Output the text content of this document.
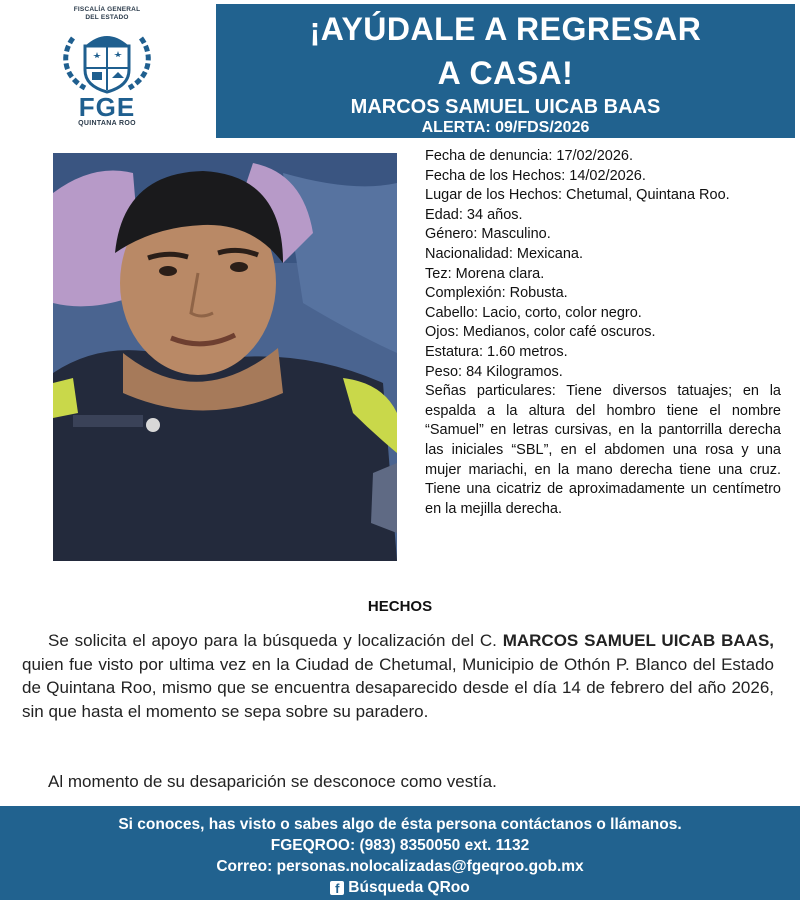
FISCALÍA GENERAL
DEL ESTADO
FGE
QUINTANA ROO
¡AYÚDALE A REGRESAR
A CASA!
MARCOS SAMUEL UICAB BAAS
ALERTA: 09/FDS/2026
Fecha de denuncia: 17/02/2026.
Fecha de los Hechos: 14/02/2026.
Lugar de los Hechos: Chetumal, Quintana Roo.
Edad: 34 años.
Género: Masculino.
Nacionalidad: Mexicana.
Tez: Morena clara.
Complexión: Robusta.
Cabello: Lacio, corto, color negro.
Ojos: Medianos, color café oscuros.
Estatura: 1.60 metros.
Peso: 84 Kilogramos.
Señas particulares: Tiene diversos tatuajes; en la espalda a la altura del hombro tiene el nombre “Samuel” en letras cursivas, en la pantorrilla derecha las iniciales “SBL”, en el abdomen una rosa y una mujer mariachi, en la mano derecha tiene una cruz. Tiene una cicatriz de aproximadamente un centímetro en la mejilla derecha.
HECHOS
Se solicita el apoyo para la búsqueda y localización del C. MARCOS SAMUEL UICAB BAAS, quien fue visto por ultima vez en la Ciudad de Chetumal, Municipio de Othón P. Blanco del Estado de Quintana Roo, mismo que se encuentra desaparecido desde el día 14 de febrero del año 2026, sin que hasta el momento se sepa sobre su paradero.
Al momento de su desaparición se desconoce como vestía.
Si conoces, has visto o sabes algo de ésta persona contáctanos o llámanos.
FGEQROO: (983) 8350050 ext. 1132
Correo: personas.nolocalizadas@fgeqroo.gob.mx
f Búsqueda QRoo
